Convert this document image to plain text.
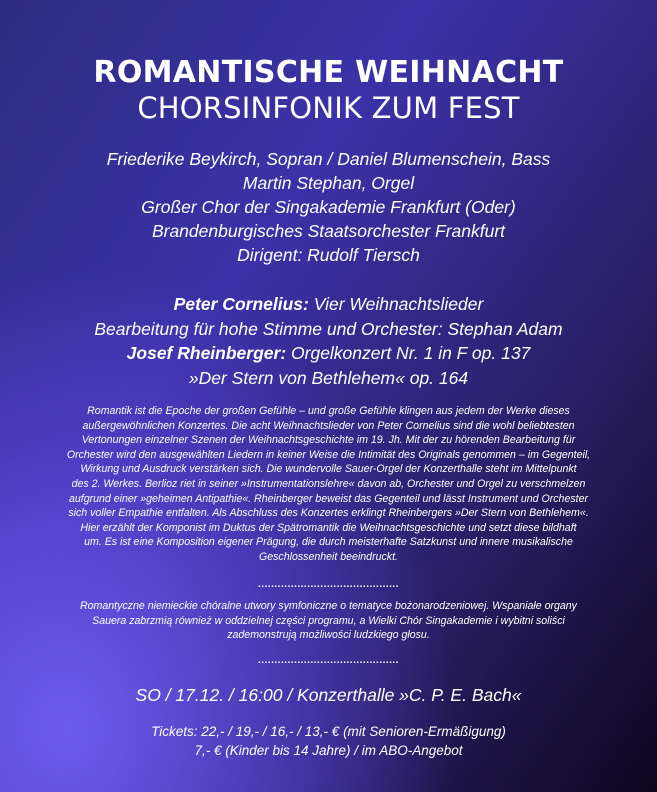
ROMANTISCHE WEIHNACHT
CHORSINFONIK ZUM FEST
Friederike Beykirch, Sopran / Daniel Blumenschein, Bass
Martin Stephan, Orgel
Großer Chor der Singakademie Frankfurt (Oder)
Brandenburgisches Staatsorchester Frankfurt
Dirigent: Rudolf Tiersch
Peter Cornelius: Vier Weihnachtslieder
Bearbeitung für hohe Stimme und Orchester: Stephan Adam
Josef Rheinberger: Orgelkonzert Nr. 1 in F op. 137
»Der Stern von Bethlehem« op. 164
Romantik ist die Epoche der großen Gefühle – und große Gefühle klingen aus jedem der Werke dieses
außergewöhnlichen Konzertes. Die acht Weihnachtslieder von Peter Cornelius sind die wohl beliebtesten
Vertonungen einzelner Szenen der Weihnachtsgeschichte im 19. Jh. Mit der zu hörenden Bearbeitung für
Orchester wird den ausgewählten Liedern in keiner Weise die Intimität des Originals genommen – im Gegenteil,
Wirkung und Ausdruck verstärken sich. Die wundervolle Sauer-Orgel der Konzerthalle steht im Mittelpunkt
des 2. Werkes. Berlioz riet in seiner »Instrumentationslehre« davon ab, Orchester und Orgel zu verschmelzen
aufgrund einer »geheimen Antipathie«. Rheinberger beweist das Gegenteil und lässt Instrument und Orchester
sich voller Empathie entfalten. Als Abschluss des Konzertes erklingt Rheinbergers »Der Stern von Bethlehem«.
Hier erzählt der Komponist im Duktus der Spätromantik die Weihnachtsgeschichte und setzt diese bildhaft
um. Es ist eine Komposition eigener Prägung, die durch meisterhafte Satzkunst und innere musikalische
Geschlossenheit beeindruckt.
...........................................
Romantyczne niemieckie chóralne utwory symfoniczne o tematyce bożonarodzeniowej. Wspaniałe organy
Sauera zabrzmią również w oddzielnej części programu, a Wielki Chór Singakademie i wybitni soliści
zademonstrują możliwości ludzkiego głosu.
...........................................
SO / 17.12. / 16:00 / Konzerthalle »C. P. E. Bach«
Tickets: 22,- / 19,- / 16,- / 13,- € (mit Senioren-Ermäßigung)
7,- € (Kinder bis 14 Jahre) / im ABO-Angebot
